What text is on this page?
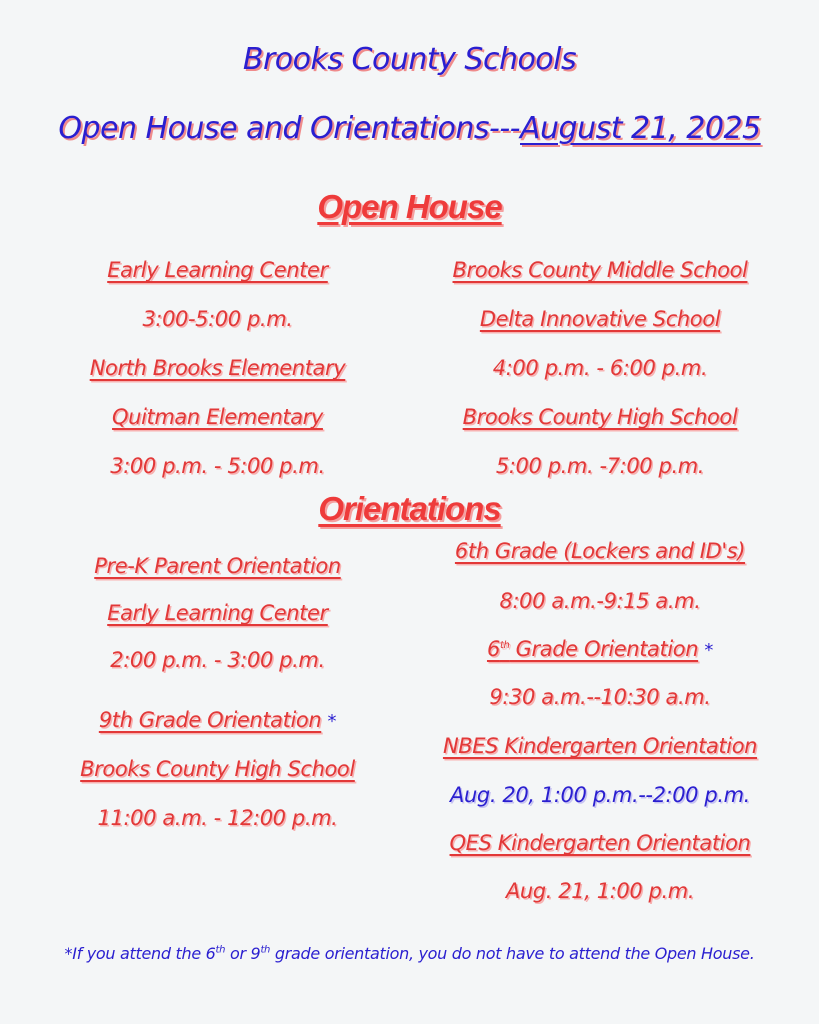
Brooks County Schools
Open House and Orientations---August 21, 2025
Open House
Early Learning Center
3:00-5:00 p.m.
North Brooks Elementary
Quitman Elementary
3:00 p.m. - 5:00 p.m.
Brooks County Middle School
Delta Innovative School
4:00 p.m. - 6:00 p.m.
Brooks County High School
5:00 p.m. -7:00 p.m.
Orientations
Pre-K Parent Orientation
Early Learning Center
2:00 p.m. - 3:00 p.m.
9th Grade Orientation *
Brooks County High School
11:00 a.m. - 12:00 p.m.
6th Grade (Lockers and ID's)
8:00 a.m.-9:15 a.m.
6th Grade Orientation *
9:30 a.m.--10:30 a.m.
NBES Kindergarten Orientation
Aug. 20, 1:00 p.m.--2:00 p.m.
QES Kindergarten Orientation
Aug. 21, 1:00 p.m.
*If you attend the 6th or 9th grade orientation, you do not have to attend the Open House.
